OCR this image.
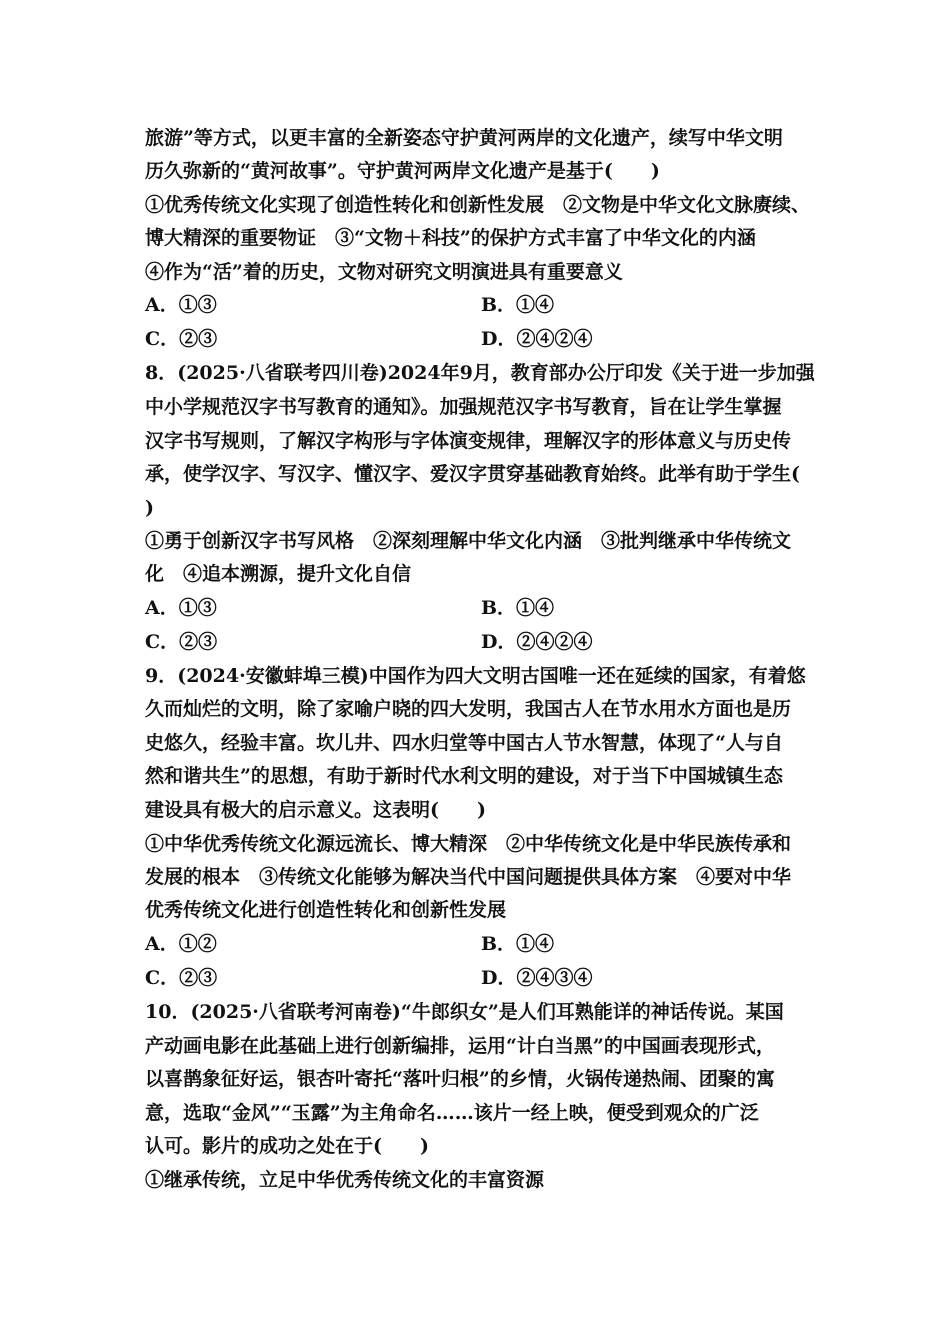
旅游”等方式，以更丰富的全新姿态守护黄河两岸的文化遗产，续写中华文明
历久弥新的“黄河故事”。守护黄河两岸文化遗产是基于(　　)
①优秀传统文化实现了创造性转化和创新性发展　②文物是中华文化文脉赓续、
博大精深的重要物证　③“文物＋科技”的保护方式丰富了中华文化的内涵
④作为“活”着的历史，文物对研究文明演进具有重要意义
A．①③	B．①④
C．②③	D．②④②④
8．(2025·八省联考四川卷)2024年9月，教育部办公厅印发《关于进一步加强
中小学规范汉字书写教育的通知》。加强规范汉字书写教育，旨在让学生掌握
汉字书写规则，了解汉字构形与字体演变规律，理解汉字的形体意义与历史传
承，使学汉字、写汉字、懂汉字、爱汉字贯穿基础教育始终。此举有助于学生(
)
①勇于创新汉字书写风格　②深刻理解中华文化内涵　③批判继承中华传统文
化　④追本溯源，提升文化自信
A．①③	B．①④
C．②③	D．②④②④
9．(2024·安徽蚌埠三模)中国作为四大文明古国唯一还在延续的国家，有着悠
久而灿烂的文明，除了家喻户晓的四大发明，我国古人在节水用水方面也是历
史悠久，经验丰富。坎儿井、四水归堂等中国古人节水智慧，体现了“人与自
然和谐共生”的思想，有助于新时代水利文明的建设，对于当下中国城镇生态
建设具有极大的启示意义。这表明(　　)
①中华优秀传统文化源远流长、博大精深　②中华传统文化是中华民族传承和
发展的根本　③传统文化能够为解决当代中国问题提供具体方案　④要对中华
优秀传统文化进行创造性转化和创新性发展
A．①②	B．①④
C．②③	D．②④③④
10．(2025·八省联考河南卷)“牛郎织女”是人们耳熟能详的神话传说。某国
产动画电影在此基础上进行创新编排，运用“计白当黑”的中国画表现形式，
以喜鹊象征好运，银杏叶寄托“落叶归根”的乡情，火锅传递热闹、团聚的寓
意，选取“金风”“玉露”为主角命名……该片一经上映，便受到观众的广泛
认可。影片的成功之处在于(　　)
①继承传统，立足中华优秀传统文化的丰富资源
